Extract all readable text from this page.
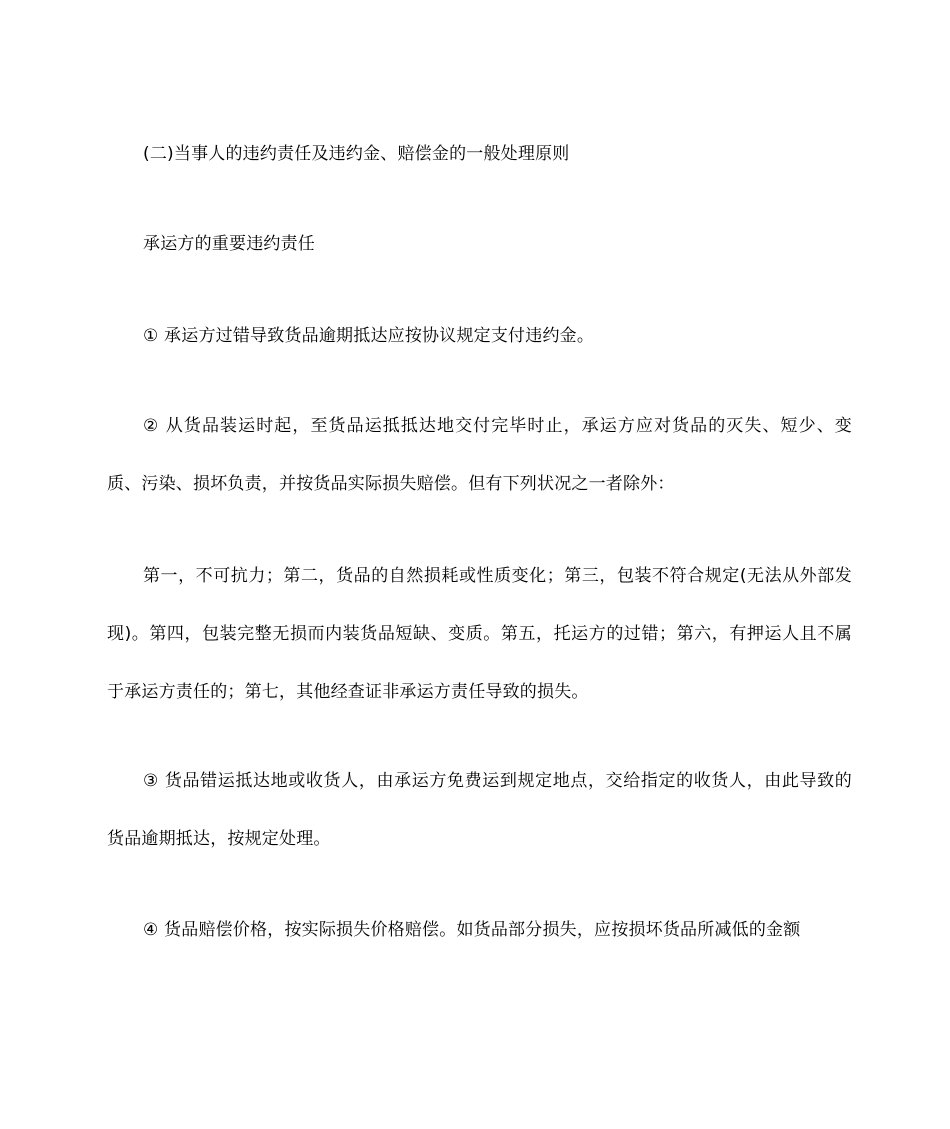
(二)当事人的违约责任及违约金、赔偿金的一般处理原则

承运方的重要违约责任

① 承运方过错导致货品逾期抵达应按协议规定支付违约金。

② 从货品装运时起，至货品运抵抵达地交付完毕时止，承运方应对货品的灭失、短少、变质、污染、损坏负责，并按货品实际损失赔偿。但有下列状况之一者除外：

第一，不可抗力；第二，货品的自然损耗或性质变化；第三，包装不符合规定(无法从外部发现)。第四，包装完整无损而内装货品短缺、变质。第五，托运方的过错；第六，有押运人且不属于承运方责任的；第七，其他经查证非承运方责任导致的损失。

③ 货品错运抵达地或收货人，由承运方免费运到规定地点，交给指定的收货人，由此导致的货品逾期抵达，按规定处理。

④ 货品赔偿价格，按实际损失价格赔偿。如货品部分损失，应按损坏货品所减低的金额
